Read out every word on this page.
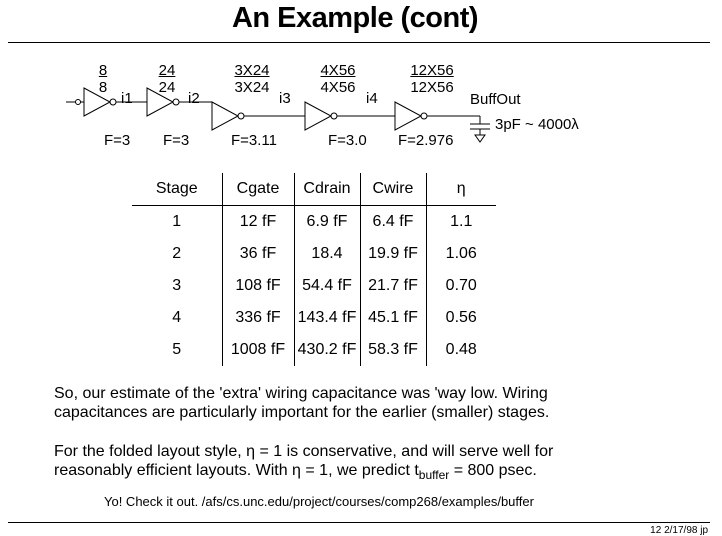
An Example (cont)
8
8
24
24
3X24
3X24
4X56
4X56
12X56
12X56
i1	i2	i3	i4	BuffOut
3pF ~ 4000λ
F=3 F=3	F=3.11	F=3.0 F=2.976
Stage	Cgate	Cdrain	Cwire	η
1	12 fF	6.9 fF	6.4 fF	1.1
2	36 fF	18.4	19.9 fF	1.06
3	108 fF	54.4 fF	21.7 fF	0.70
4	336 fF	143.4 fF	45.1 fF	0.56
5	1008 fF	430.2 fF	58.3 fF	0.48
So, our estimate of the 'extra' wiring capacitance was 'way low. Wiring
capacitances are particularly important for the earlier (smaller) stages.
For the folded layout style, η = 1 is conservative, and will serve well for
reasonably efficient layouts. With η = 1, we predict $t_{buffer} = 800$ psec.
Yo! Check it out. /afs/cs.unc.edu/project/courses/comp268/examples/buffer
12 2/17/98 jp
